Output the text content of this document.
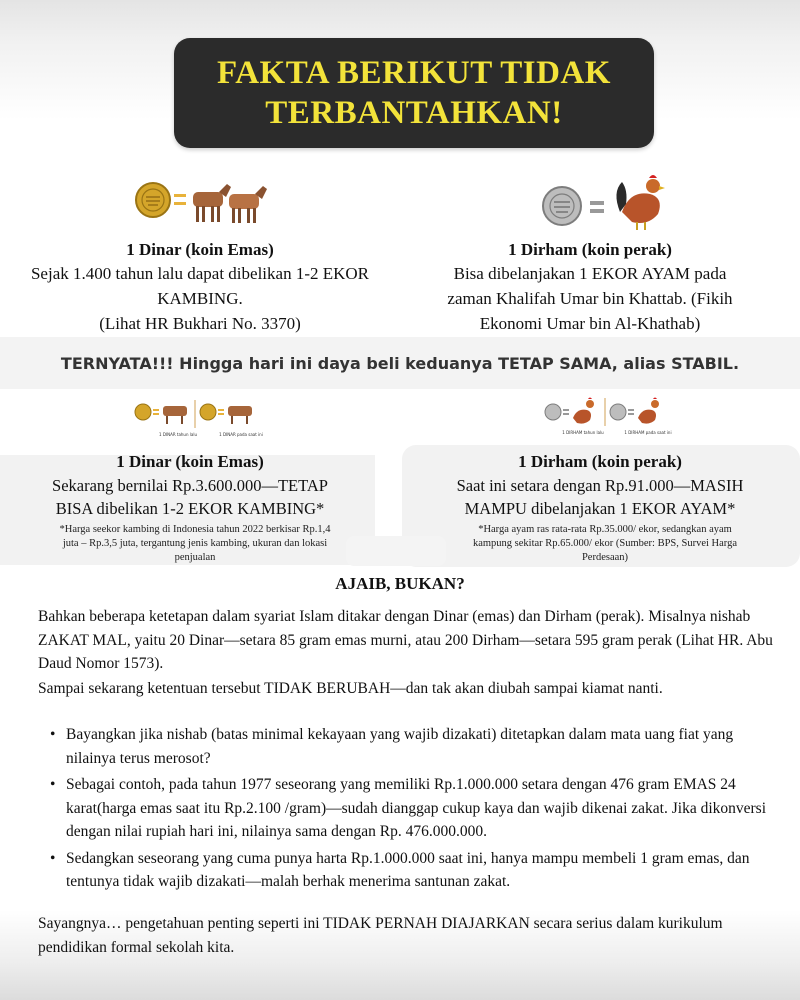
FAKTA BERIKUT TIDAK
TERBANTAHKAN!
1 Dinar (koin Emas)
Sejak 1.400 tahun lalu dapat dibelikan 1-2 EKOR
KAMBING.
(Lihat HR Bukhari No. 3370)
1 Dirham (koin perak)
Bisa dibelanjakan 1 EKOR AYAM pada
zaman Khalifah Umar bin Khattab. (Fikih
Ekonomi Umar bin Al-Khathab)
TERNYATA!!! Hingga hari ini daya beli keduanya TETAP SAMA, alias STABIL.
1 DINAR tahun lalu	1 DINAR pada saat ini	1 DIRHAM tahun lalu	1 DIRHAM pada saat ini
1 Dinar (koin Emas)
Sekarang bernilai Rp.3.600.000—TETAP
BISA dibelikan 1-2 EKOR KAMBING*
*Harga seekor kambing di Indonesia tahun 2022 berkisar Rp.1,4
juta – Rp.3,5 juta, tergantung jenis kambing, ukuran dan lokasi
penjualan
1 Dirham (koin perak)
Saat ini setara dengan Rp.91.000—MASIH
MAMPU dibelanjakan 1 EKOR AYAM*
*Harga ayam ras rata-rata Rp.35.000/ ekor, sedangkan ayam
kampung sekitar Rp.65.000/ ekor (Sumber: BPS, Survei Harga
Perdesaan)
AJAIB, BUKAN?
Bahkan beberapa ketetapan dalam syariat Islam ditakar dengan Dinar (emas) dan Dirham (perak). Misalnya nishab ZAKAT MAL, yaitu 20 Dinar—setara 85 gram emas murni, atau 200 Dirham—setara 595 gram perak (Lihat HR. Abu Daud Nomor 1573).
Sampai sekarang ketentuan tersebut TIDAK BERUBAH—dan tak akan diubah sampai kiamat nanti.
• Bayangkan jika nishab (batas minimal kekayaan yang wajib dizakati) ditetapkan dalam mata uang fiat yang nilainya terus merosot?
• Sebagai contoh, pada tahun 1977 seseorang yang memiliki Rp.1.000.000 setara dengan 476 gram EMAS 24 karat(harga emas saat itu Rp.2.100 /gram)—sudah dianggap cukup kaya dan wajib dikenai zakat. Jika dikonversi dengan nilai rupiah hari ini, nilainya sama dengan Rp. 476.000.000.
• Sedangkan seseorang yang cuma punya harta Rp.1.000.000 saat ini, hanya mampu membeli 1 gram emas, dan tentunya tidak wajib dizakati—malah berhak menerima santunan zakat.
Sayangnya… pengetahuan penting seperti ini TIDAK PERNAH DIAJARKAN secara serius dalam kurikulum pendidikan formal sekolah kita.
